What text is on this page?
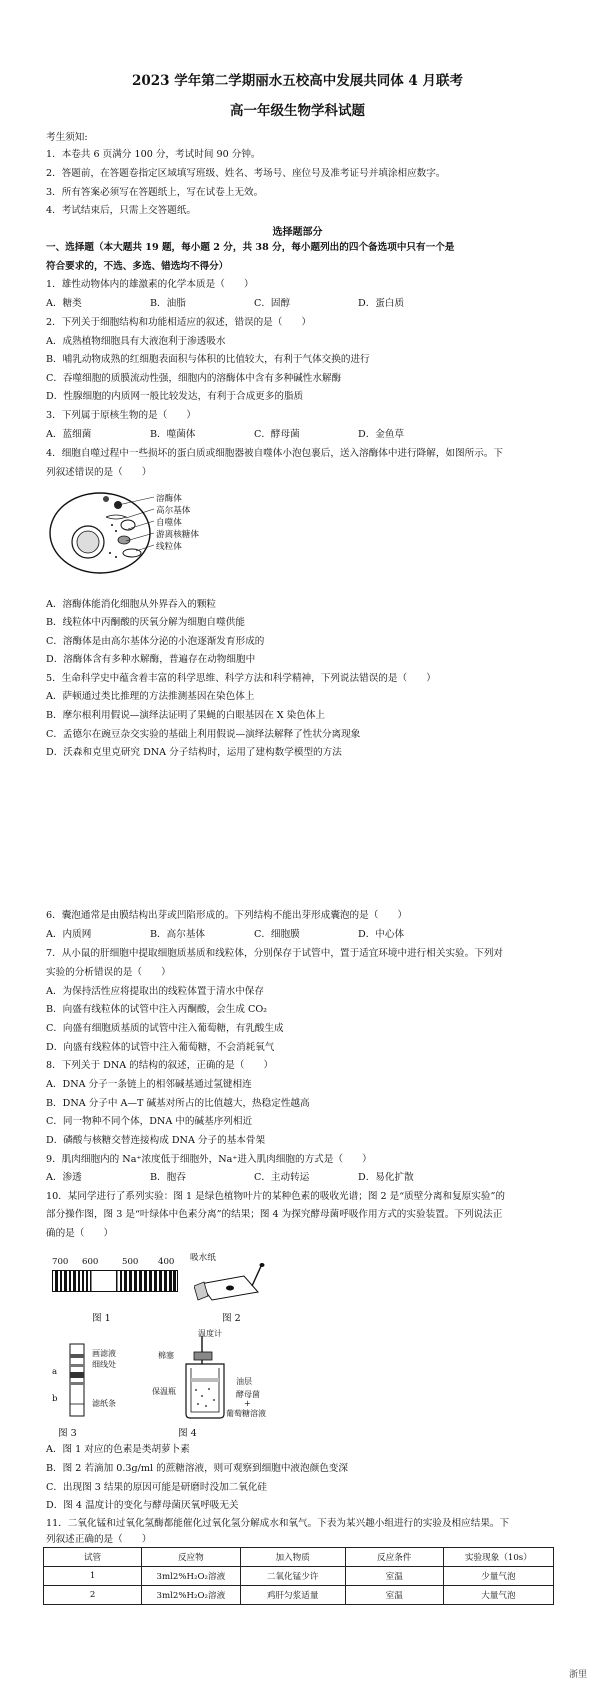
2023 学年第二学期丽水五校高中发展共同体 4 月联考
高一年级生物学科试题
考生须知:
1．本卷共 6 页满分 100 分，考试时间 90 分钟。
2．答题前，在答题卷指定区域填写班级、姓名、考场号、座位号及准考证号并填涂相应数字。
3．所有答案必须写在答题纸上，写在试卷上无效。
4．考试结束后，只需上交答题纸。
选择题部分
一、选择题（本大题共 19 题，每小题 2 分，共 38 分，每小题列出的四个备选项中只有一个是
符合要求的，不选、多选、错选均不得分）
1．雄性动物体内的雄激素的化学本质是（　　）
A．糖类	B．油脂	C．固醇	D．蛋白质
2．下列关于细胞结构和功能相适应的叙述，错误的是（　　）
A．成熟植物细胞具有大液泡利于渗透吸水
B．哺乳动物成熟的红细胞表面积与体积的比值较大，有利于气体交换的进行
C．吞噬细胞的质膜流动性强，细胞内的溶酶体中含有多种碱性水解酶
D．性腺细胞的内质网一般比较发达，有利于合成更多的脂质
3．下列属于原核生物的是（　　）
A．蓝细菌	B．噬菌体	C．酵母菌	D．金鱼草
4．细胞自噬过程中一些损坏的蛋白质或细胞器被自噬体小泡包裹后，送入溶酶体中进行降解，如图所示。下
列叙述错误的是（　　）
溶酶体
高尔基体
自噬体
游离核糖体
线粒体
A．溶酶体能消化细胞从外界吞入的颗粒
B．线粒体中丙酮酸的厌氧分解为细胞自噬供能
C．溶酶体是由高尔基体分泌的小泡逐渐发育形成的
D．溶酶体含有多种水解酶，普遍存在动物细胞中
5．生命科学史中蕴含着丰富的科学思维、科学方法和科学精神，下列说法错误的是（　　）
A．萨顿通过类比推理的方法推测基因在染色体上
B．摩尔根利用假说—演绎法证明了果蝇的白眼基因在 X 染色体上
C．孟德尔在豌豆杂交实验的基础上利用假说—演绎法解释了性状分离现象
D．沃森和克里克研究 DNA 分子结构时，运用了建构数学模型的方法
6．囊泡通常是由膜结构出芽或凹陷形成的。下列结构不能出芽形成囊泡的是（　　）
A．内质网	B．高尔基体	C．细胞膜	D．中心体
7．从小鼠的肝细胞中提取细胞质基质和线粒体，分别保存于试管中，置于适宜环境中进行相关实验。下列对
实验的分析错误的是（　　）
A．为保持活性应将提取出的线粒体置于清水中保存
B．向盛有线粒体的试管中注入丙酮酸，会生成 CO₂
C．向盛有细胞质基质的试管中注入葡萄糖，有乳酸生成
D．向盛有线粒体的试管中注入葡萄糖，不会消耗氧气
8．下列关于 DNA 的结构的叙述，正确的是（　　）
A．DNA 分子一条链上的相邻碱基通过氢键相连
B．DNA 分子中 A—T 碱基对所占的比值越大，热稳定性越高
C．同一物种不同个体，DNA 中的碱基序列相近
D．磷酸与核糖交替连接构成 DNA 分子的基本骨架
9．肌肉细胞内的 Na⁺浓度低于细胞外，Na⁺进入肌肉细胞的方式是（　　）
A．渗透	B．胞吞	C．主动转运	D．易化扩散
10．某同学进行了系列实验：图 1 是绿色植物叶片的某种色素的吸收光谱；图 2 是“质壁分离和复原实验”的
部分操作图，图 3 是“叶绿体中色素分离”的结果；图 4 为探究酵母菌呼吸作用方式的实验装置。下列说法正
确的是（　　）
700 600	500 400
图 1
吸水纸
图 2
a
b
画滤液
细线处
滤纸条
图 3
温度计
棉塞
油层
保温瓶	酵母菌
+
葡萄糖溶液
图 4
A．图 1 对应的色素是类胡萝卜素
B．图 2 若滴加 0.3g/ml 的蔗糖溶液，则可观察到细胞中液泡颜色变深
C．出现图 3 结果的原因可能是研磨时没加二氧化硅
D．图 4 温度计的变化与酵母菌厌氧呼吸无关
11．二氧化锰和过氧化氢酶都能催化过氧化氢分解成水和氧气。下表为某兴趣小组进行的实验及相应结果。下
列叙述正确的是（　　）
试管	反应物	加入物质	反应条件	实验现象（10s）
1	3ml2%H₂O₂溶液	二氧化锰少许	室温	少量气泡
2	3ml2%H₂O₂溶液	鸡肝匀浆适量	室温	大量气泡
浙里
